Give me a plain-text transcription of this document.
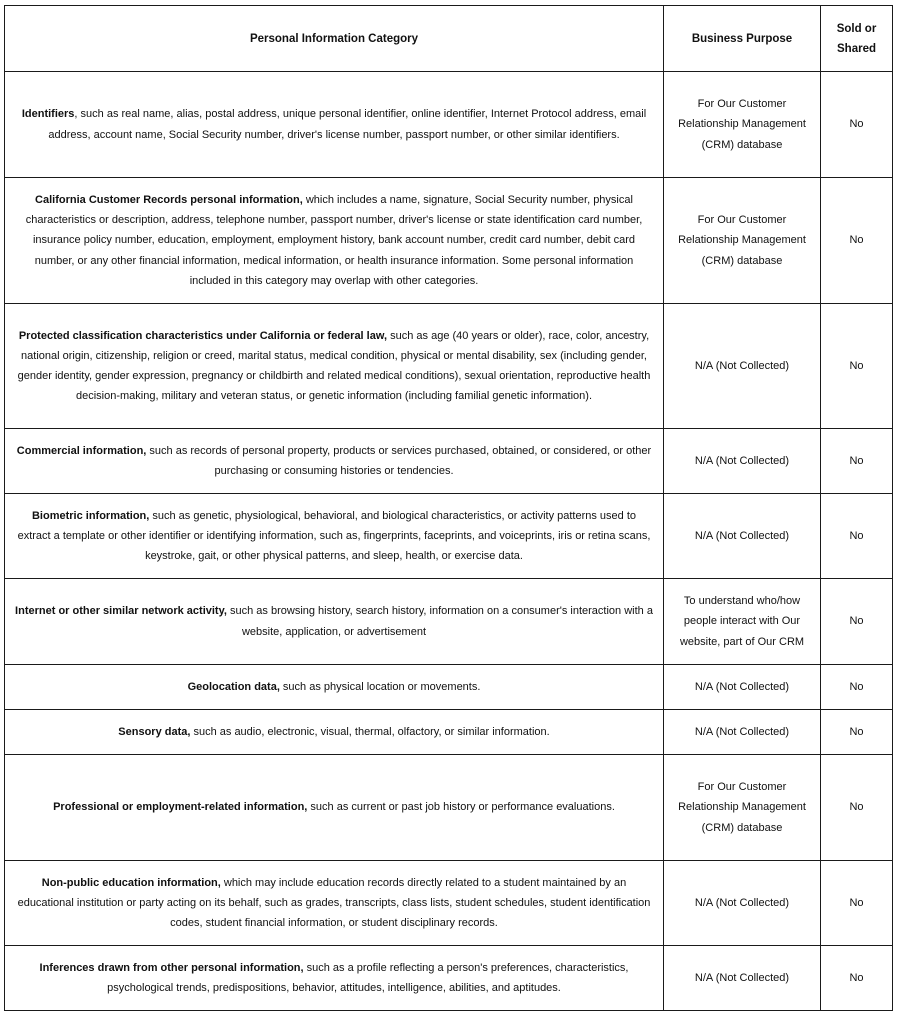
Personal Information Category	Business Purpose	Sold or Shared
Identifiers, such as real name, alias, postal address, unique personal identifier, online identifier, Internet Protocol address, email address, account name, Social Security number, driver's license number, passport number, or other similar identifiers.	For Our Customer Relationship Management (CRM) database	No
California Customer Records personal information, which includes a name, signature, Social Security number, physical characteristics or description, address, telephone number, passport number, driver's license or state identification card number, insurance policy number, education, employment, employment history, bank account number, credit card number, debit card number, or any other financial information, medical information, or health insurance information. Some personal information included in this category may overlap with other categories.	For Our Customer Relationship Management (CRM) database	No
Protected classification characteristics under California or federal law, such as age (40 years or older), race, color, ancestry, national origin, citizenship, religion or creed, marital status, medical condition, physical or mental disability, sex (including gender, gender identity, gender expression, pregnancy or childbirth and related medical conditions), sexual orientation, reproductive health decision-making, military and veteran status, or genetic information (including familial genetic information).	N/A (Not Collected)	No
Commercial information, such as records of personal property, products or services purchased, obtained, or considered, or other purchasing or consuming histories or tendencies.	N/A (Not Collected)	No
Biometric information, such as genetic, physiological, behavioral, and biological characteristics, or activity patterns used to extract a template or other identifier or identifying information, such as, fingerprints, faceprints, and voiceprints, iris or retina scans, keystroke, gait, or other physical patterns, and sleep, health, or exercise data.	N/A (Not Collected)	No
Internet or other similar network activity, such as browsing history, search history, information on a consumer's interaction with a website, application, or advertisement	To understand who/how people interact with Our website, part of Our CRM	No
Geolocation data, such as physical location or movements.	N/A (Not Collected)	No
Sensory data, such as audio, electronic, visual, thermal, olfactory, or similar information.	N/A (Not Collected)	No
Professional or employment-related information, such as current or past job history or performance evaluations.	For Our Customer Relationship Management (CRM) database	No
Non-public education information, which may include education records directly related to a student maintained by an educational institution or party acting on its behalf, such as grades, transcripts, class lists, student schedules, student identification codes, student financial information, or student disciplinary records.	N/A (Not Collected)	No
Inferences drawn from other personal information, such as a profile reflecting a person's preferences, characteristics, psychological trends, predispositions, behavior, attitudes, intelligence, abilities, and aptitudes.	N/A (Not Collected)	No
